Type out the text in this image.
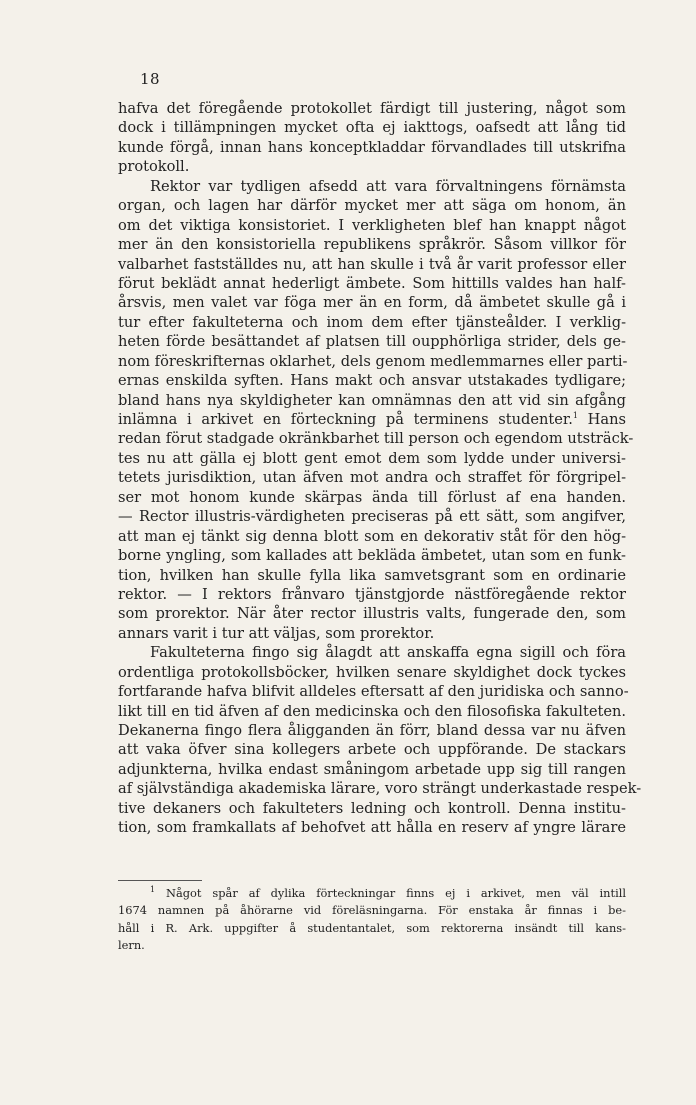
18
hafva det föregående protokollet färdigt till justering, något som
dock i tillämpningen mycket ofta ej iakttogs, oafsedt att lång tid
kunde förgå, innan hans konceptkladdar förvandlades till utskrifna
protokoll.
Rektor var tydligen afsedd att vara förvaltningens förnämsta
organ, och lagen har därför mycket mer att säga om honom, än
om det viktiga konsistoriet. I verkligheten blef han knappt något
mer än den konsistoriella republikens språkrör. Såsom villkor för
valbarhet fastställdes nu, att han skulle i två år varit professor eller
förut beklädt annat hederligt ämbete. Som hittills valdes han half-
årsvis, men valet var föga mer än en form, då ämbetet skulle gå i
tur efter fakulteterna och inom dem efter tjänsteålder. I verklig-
heten förde besättandet af platsen till oupphörliga strider, dels ge-
nom föreskrifternas oklarhet, dels genom medlemmarnes eller parti-
ernas enskilda syften. Hans makt och ansvar utstakades tydligare;
bland hans nya skyldigheter kan omnämnas den att vid sin afgång
inlämna i arkivet en förteckning på terminens studenter.$^1$ Hans
redan förut stadgade okränkbarhet till person och egendom utsträck-
tes nu att gälla ej blott gent emot dem som lydde under universi-
tetets jurisdiktion, utan äfven mot andra och straffet för förgripel-
ser mot honom kunde skärpas ända till förlust af ena handen.
— Rector illustris-värdigheten preciseras på ett sätt, som angifver,
att man ej tänkt sig denna blott som en dekorativ ståt för den hög-
borne yngling, som kallades att bekläda ämbetet, utan som en funk-
tion, hvilken han skulle fylla lika samvetsgrant som en ordinarie
rektor. — I rektors frånvaro tjänstgjorde nästföregående rektor
som prorektor. När åter rector illustris valts, fungerade den, som
annars varit i tur att väljas, som prorektor.
Fakulteterna fingo sig ålagdt att anskaffa egna sigill och föra
ordentliga protokollsböcker, hvilken senare skyldighet dock tyckes
fortfarande hafva blifvit alldeles eftersatt af den juridiska och sanno-
likt till en tid äfven af den medicinska och den filosofiska fakulteten.
Dekanerna fingo flera åligganden än förr, bland dessa var nu äfven
att vaka öfver sina kollegers arbete och uppförande. De stackars
adjunkterna, hvilka endast småningom arbetade upp sig till rangen
af självständiga akademiska lärare, voro strängt underkastade respek-
tive dekaners och fakulteters ledning och kontroll. Denna institu-
tion, som framkallats af behofvet att hålla en reserv af yngre lärare
$^1$ Något spår af dylika förteckningar finns ej i arkivet, men väl intill
1674 namnen på åhörarne vid föreläsningarna. För enstaka år finnas i be-
håll i R. Ark. uppgifter å studentantalet, som rektorerna insändt till kans-
lern.
